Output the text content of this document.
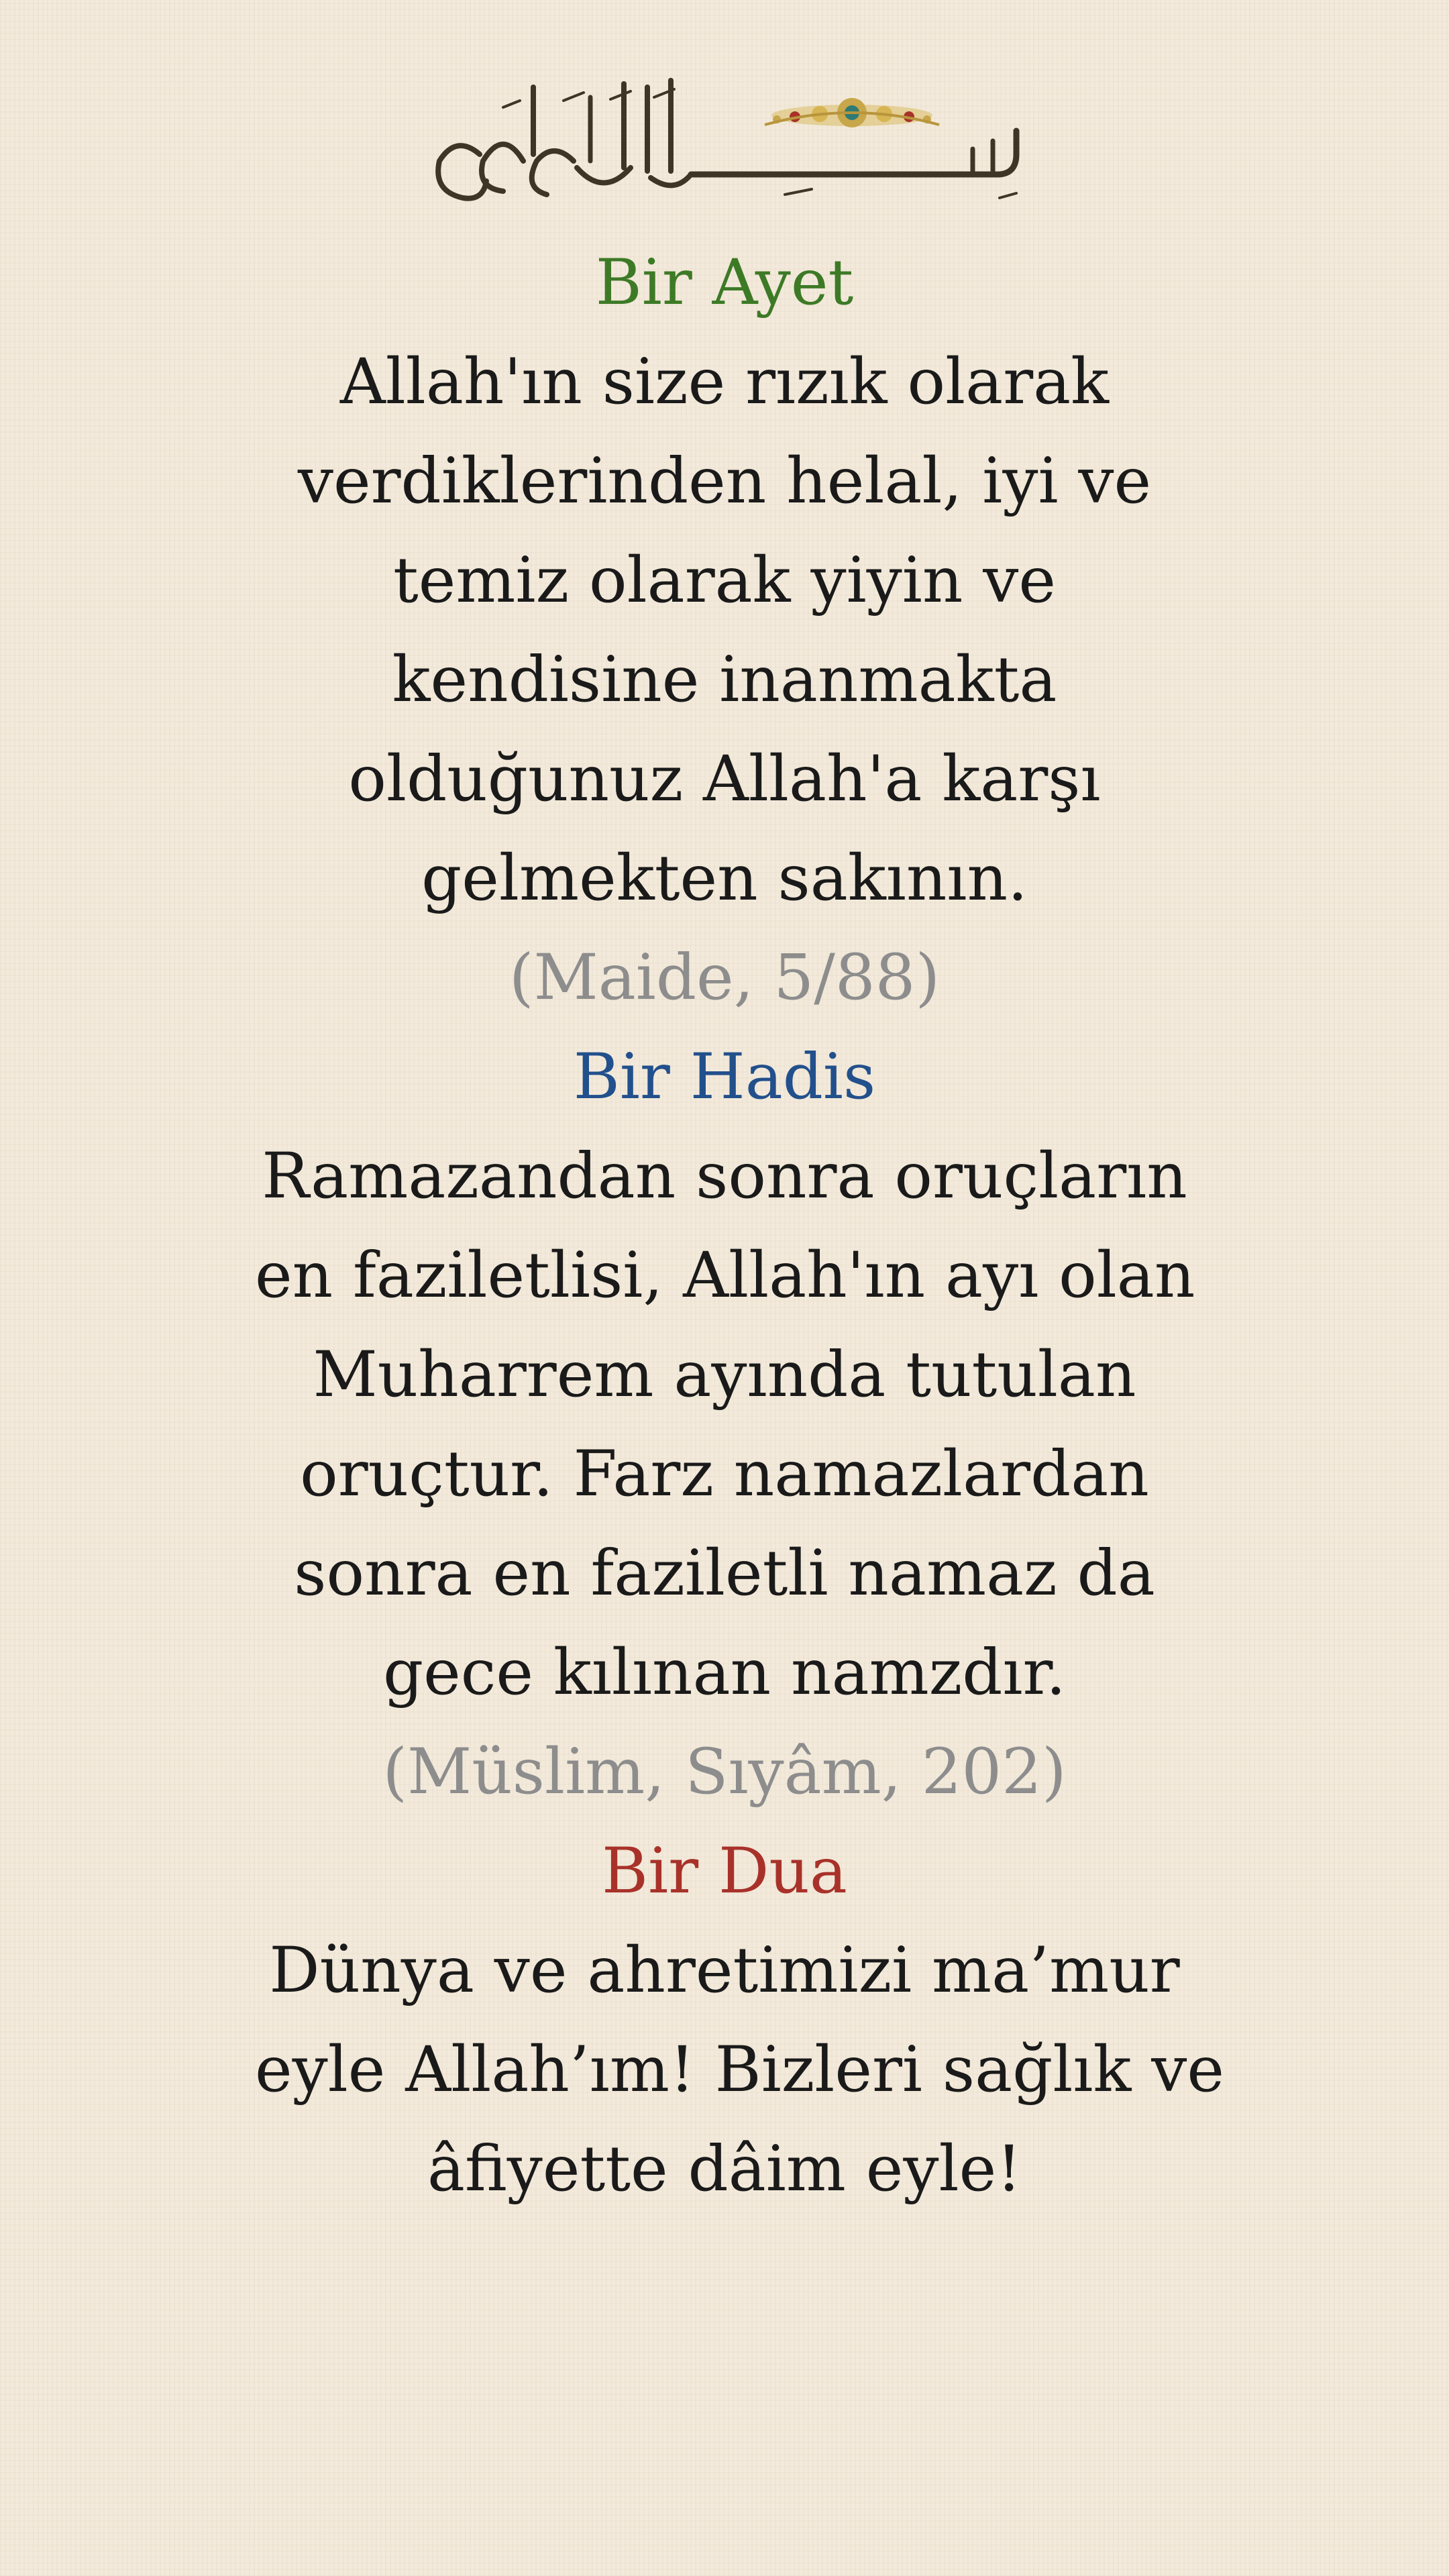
Bir Ayet

Allah'ın size rızık olarak
verdiklerinden helal, iyi ve
temiz olarak yiyin ve
kendisine inanmakta
olduğunuz Allah'a karşı
gelmekten sakının.

(Maide, 5/88)

Bir Hadis

Ramazandan sonra oruçların
en faziletlisi, Allah'ın ayı olan
Muharrem ayında tutulan
oruçtur. Farz namazlardan
sonra en faziletli namaz da
gece kılınan namzdır.

(Müslim, Sıyâm, 202)

Bir Dua

Dünya ve ahretimizi ma’mur
eyle Allah’ım! Bizleri sağlık ve
âfiyette dâim eyle!
